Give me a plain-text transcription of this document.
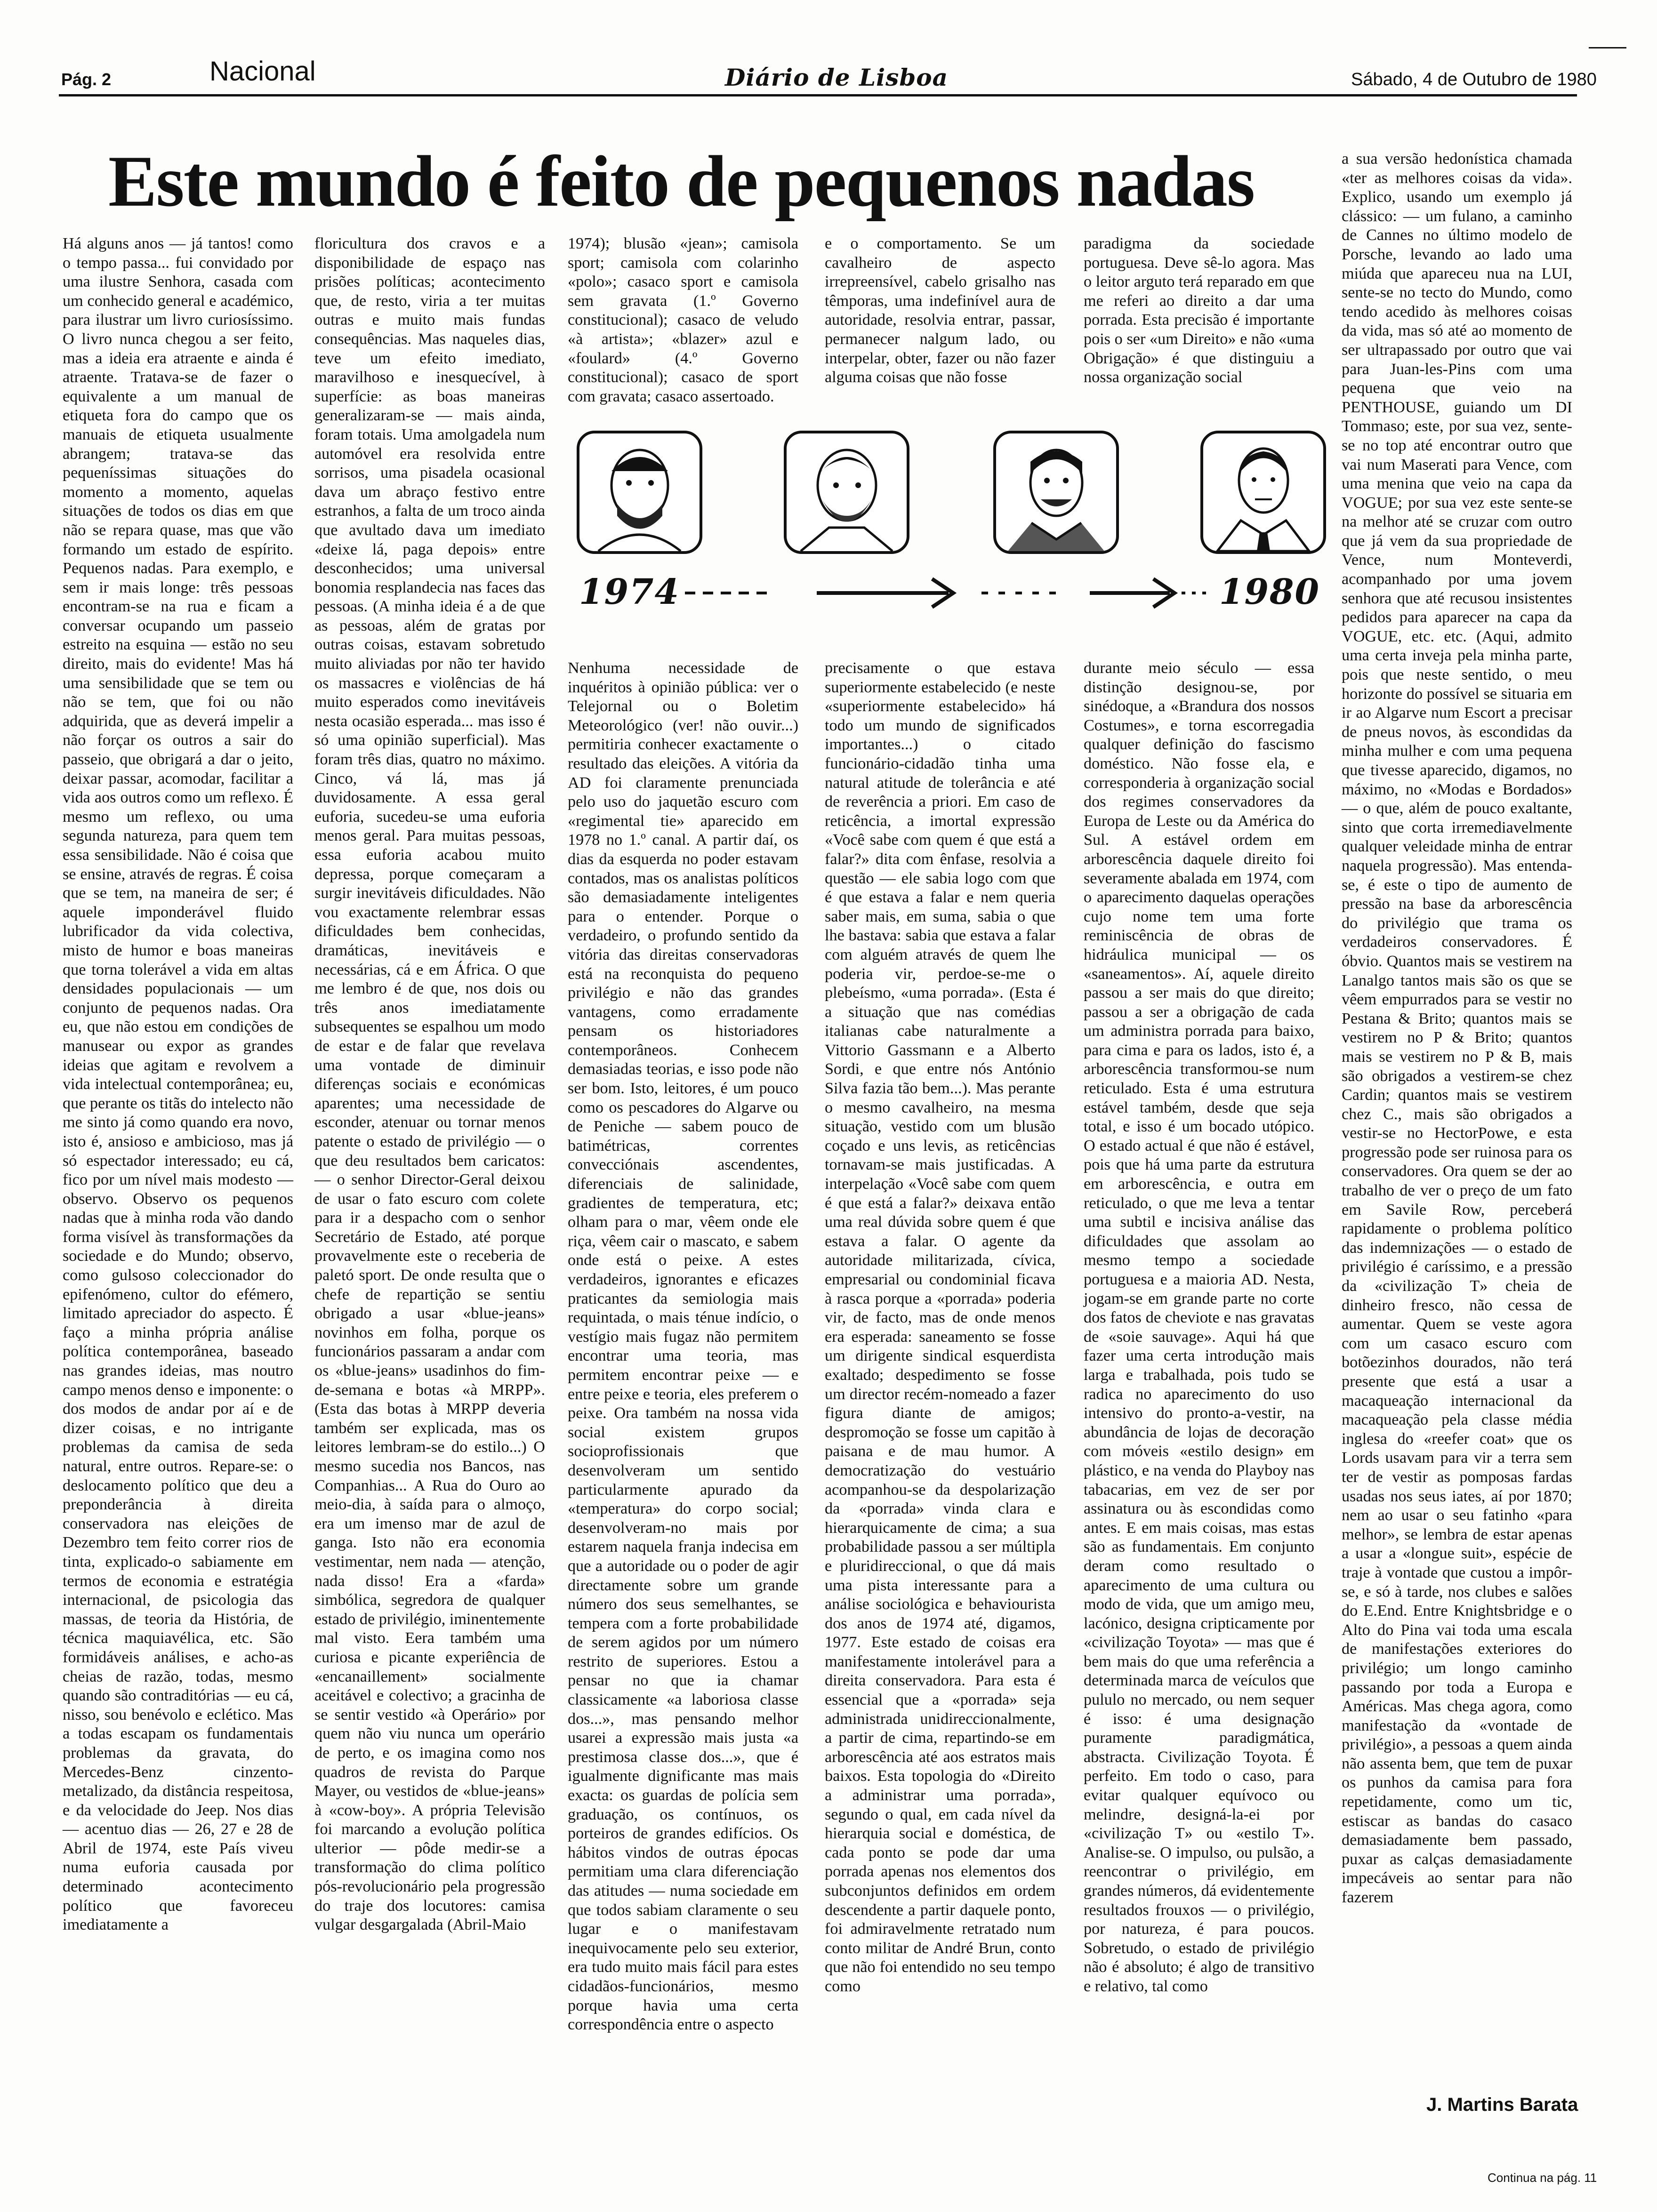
Pág. 2	Nacional	Diário de Lisboa	Sábado, 4 de Outubro de 1980
Este mundo é feito de pequenos nadas

Há alguns anos — já tantos! como o tempo passa... fui convidado por uma ilustre Senhora, casada com um conhecido general e académico, para ilustrar um livro curiosíssimo. O livro nunca chegou a ser feito, mas a ideia era atraente e ainda é atraente. Tratava-se de fazer o equivalente a um manual de etiqueta fora do campo que os manuais de etiqueta usualmente abrangem; tratava-se das pequeníssimas situações do momento a momento, aquelas situações de todos os dias em que não se repara quase, mas que vão formando um estado de espírito. Pequenos nadas. Para exemplo, e sem ir mais longe: três pessoas encontram-se na rua e ficam a conversar ocupando um passeio estreito na esquina — estão no seu direito, mais do evidente! Mas há uma sensibilidade que se tem ou não se tem, que foi ou não adquirida, que as deverá impelir a não forçar os outros a sair do passeio, que obrigará a dar o jeito, deixar passar, acomodar, facilitar a vida aos outros como um reflexo. É mesmo um reflexo, ou uma segunda natureza, para quem tem essa sensibilidade. Não é coisa que se ensine, através de regras. É coisa que se tem, na maneira de ser; é aquele imponderável fluido lubrificador da vida colectiva, misto de humor e boas maneiras que torna tolerável a vida em altas densidades populacionais — um conjunto de pequenos nadas. Ora eu, que não estou em condições de manusear ou expor as grandes ideias que agitam e revolvem a vida intelectual contemporânea; eu, que perante os titãs do intelecto não me sinto já como quando era novo, isto é, ansioso e ambicioso, mas já só espectador interessado; eu cá, fico por um nível mais modesto — observo. Observo os pequenos nadas que à minha roda vão dando forma visível às transformações da sociedade e do Mundo; observo, como gulsoso coleccionador do epifenómeno, cultor do efémero, limitado apreciador do aspecto. É faço a minha própria análise política contemporânea, baseado nas grandes ideias, mas noutro campo menos denso e imponente: o dos modos de andar por aí e de dizer coisas, e no intrigante problemas da camisa de seda natural, entre outros. Repare-se: o deslocamento político que deu a preponderância à direita conservadora nas eleições de Dezembro tem feito correr rios de tinta, explicado-o sabiamente em termos de economia e estratégia internacional, de psicologia das massas, de teoria da História, de técnica maquiavélica, etc. São formidáveis análises, e acho-as cheias de razão, todas, mesmo quando são contraditórias — eu cá, nisso, sou benévolo e eclético. Mas a todas escapam os fundamentais problemas da gravata, do Mercedes-Benz cinzento-metalizado, da distância respeitosa, e da velocidade do Jeep. Nos dias — acentuo dias — 26, 27 e 28 de Abril de 1974, este País viveu numa euforia causada por determinado acontecimento político que favoreceu imediatamente a

floricultura dos cravos e a disponibilidade de espaço nas prisões políticas; acontecimento que, de resto, viria a ter muitas outras e muito mais fundas consequências. Mas naqueles dias, teve um efeito imediato, maravilhoso e inesquecível, à superfície: as boas maneiras generalizaram-se — mais ainda, foram totais. Uma amolgadela num automóvel era resolvida entre sorrisos, uma pisadela ocasional dava um abraço festivo entre estranhos, a falta de um troco ainda que avultado dava um imediato «deixe lá, paga depois» entre desconhecidos; uma universal bonomia resplandecia nas faces das pessoas. (A minha ideia é a de que as pessoas, além de gratas por outras coisas, estavam sobretudo muito aliviadas por não ter havido os massacres e violências de há muito esperados como inevitáveis nesta ocasião esperada... mas isso é só uma opinião superficial). Mas foram três dias, quatro no máximo. Cinco, vá lá, mas já duvidosamente. A essa geral euforia, sucedeu-se uma euforia menos geral. Para muitas pessoas, essa euforia acabou muito depressa, porque começaram a surgir inevitáveis dificuldades. Não vou exactamente relembrar essas dificuldades bem conhecidas, dramáticas, inevitáveis e necessárias, cá e em África. O que me lembro é de que, nos dois ou três anos imediatamente subsequentes se espalhou um modo de estar e de falar que revelava uma vontade de diminuir diferenças sociais e económicas aparentes; uma necessidade de esconder, atenuar ou tornar menos patente o estado de privilégio — o que deu resultados bem caricatos: — o senhor Director-Geral deixou de usar o fato escuro com colete para ir a despacho com o senhor Secretário de Estado, até porque provavelmente este o receberia de paletó sport. De onde resulta que o chefe de repartição se sentiu obrigado a usar «blue-jeans» novinhos em folha, porque os funcionários passaram a andar com os «blue-jeans» usadinhos do fim-de-semana e botas «à MRPP». (Esta das botas à MRPP deveria também ser explicada, mas os leitores lembram-se do estilo...) O mesmo sucedia nos Bancos, nas Companhias... A Rua do Ouro ao meio-dia, à saída para o almoço, era um imenso mar de azul de ganga. Isto não era economia vestimentar, nem nada — atenção, nada disso! Era a «farda» simbólica, segredora de qualquer estado de privilégio, iminentemente mal visto. Eera também uma curiosa e picante experiência de «encanaillement» socialmente aceitável e colectivo; a gracinha de se sentir vestido «à Operário» por quem não viu nunca um operário de perto, e os imagina como nos quadros de revista do Parque Mayer, ou vestidos de «blue-jeans» à «cow-boy». A própria Televisão foi marcando a evolução política ulterior — pôde medir-se a transformação do clima político pós-revolucionário pela progressão do traje dos locutores: camisa vulgar desgargalada (Abril-Maio

1974); blusão «jean»; camisola sport; camisola com colarinho «polo»; casaco sport e camisola sem gravata (1.º Governo constitucional); casaco de veludo «à artista»; «blazer» azul e «foulard» (4.º Governo constitucional); casaco de sport com gravata; casaco assertoado.

e o comportamento. Se um cavalheiro de aspecto irrepreensível, cabelo grisalho nas têmporas, uma indefinível aura de autoridade, resolvia entrar, passar, permanecer nalgum lado, ou interpelar, obter, fazer ou não fazer alguma coisas que não fosse

paradigma da sociedade portuguesa. Deve sê-lo agora. Mas o leitor arguto terá reparado em que me referi ao direito a dar uma porrada. Esta precisão é importante pois o ser «um Direito» e não «uma Obrigação» é que distinguiu a nossa organização social

1974	1980

Nenhuma necessidade de inquéritos à opinião pública: ver o Telejornal ou o Boletim Meteorológico (ver! não ouvir...) permitiria conhecer exactamente o resultado das eleições. A vitória da AD foi claramente prenunciada pelo uso do jaquetão escuro com «regimental tie» aparecido em 1978 no 1.º canal. A partir daí, os dias da esquerda no poder estavam contados, mas os analistas políticos são demasiadamente inteligentes para o entender. Porque o verdadeiro, o profundo sentido da vitória das direitas conservadoras está na reconquista do pequeno privilégio e não das grandes vantagens, como erradamente pensam os historiadores contemporâneos. Conhecem demasiadas teorias, e isso pode não ser bom. Isto, leitores, é um pouco como os pescadores do Algarve ou de Peniche — sabem pouco de batimétricas, correntes convecciónais ascendentes, diferenciais de salinidade, gradientes de temperatura, etc; olham para o mar, vêem onde ele riça, vêem cair o mascato, e sabem onde está o peixe. A estes verdadeiros, ignorantes e eficazes praticantes da semiologia mais requintada, o mais ténue indício, o vestígio mais fugaz não permitem encontrar uma teoria, mas permitem encontrar peixe — e entre peixe e teoria, eles preferem o peixe. Ora também na nossa vida social existem grupos socioprofissionais que desenvolveram um sentido particularmente apurado da «temperatura» do corpo social; desenvolveram-no mais por estarem naquela franja indecisa em que a autoridade ou o poder de agir directamente sobre um grande número dos seus semelhantes, se tempera com a forte probabilidade de serem agidos por um número restrito de superiores. Estou a pensar no que ia chamar classicamente «a laboriosa classe dos...», mas pensando melhor usarei a expressão mais justa «a prestimosa classe dos...», que é igualmente dignificante mas mais exacta: os guardas de polícia sem graduação, os contínuos, os porteiros de grandes edifícios. Os hábitos vindos de outras épocas permitiam uma clara diferenciação das atitudes — numa sociedade em que todos sabiam claramente o seu lugar e o manifestavam inequivocamente pelo seu exterior, era tudo muito mais fácil para estes cidadãos-funcionários, mesmo porque havia uma certa correspondência entre o aspecto

precisamente o que estava superiormente estabelecido (e neste «superiormente estabelecido» há todo um mundo de significados importantes...) o citado funcionário-cidadão tinha uma natural atitude de tolerância e até de reverência a priori. Em caso de reticência, a imortal expressão «Você sabe com quem é que está a falar?» dita com ênfase, resolvia a questão — ele sabia logo com que é que estava a falar e nem queria saber mais, em suma, sabia o que lhe bastava: sabia que estava a falar com alguém através de quem lhe poderia vir, perdoe-se-me o plebeísmo, «uma porrada». (Esta é a situação que nas comédias italianas cabe naturalmente a Vittorio Gassmann e a Alberto Sordi, e que entre nós António Silva fazia tão bem...). Mas perante o mesmo cavalheiro, na mesma situação, vestido com um blusão coçado e uns levis, as reticências tornavam-se mais justificadas. A interpelação «Você sabe com quem é que está a falar?» deixava então uma real dúvida sobre quem é que estava a falar. O agente da autoridade militarizada, cívica, empresarial ou condominial ficava à rasca porque a «porrada» poderia vir, de facto, mas de onde menos era esperada: saneamento se fosse um dirigente sindical esquerdista exaltado; despedimento se fosse um director recém-nomeado a fazer figura diante de amigos; despromoção se fosse um capitão à paisana e de mau humor. A democratização do vestuário acompanhou-se da despolarização da «porrada» vinda clara e hierarquicamente de cima; a sua probabilidade passou a ser múltipla e pluridireccional, o que dá mais uma pista interessante para a análise sociológica e behaviourista dos anos de 1974 até, digamos, 1977. Este estado de coisas era manifestamente intolerável para a direita conservadora. Para esta é essencial que a «porrada» seja administrada unidireccionalmente, a partir de cima, repartindo-se em arborescência até aos estratos mais baixos. Esta topologia do «Direito a administrar uma porrada», segundo o qual, em cada nível da hierarquia social e doméstica, de cada ponto se pode dar uma porrada apenas nos elementos dos subconjuntos definidos em ordem descendente a partir daquele ponto, foi admiravelmente retratado num conto militar de André Brun, conto que não foi entendido no seu tempo como

durante meio século — essa distinção designou-se, por sinédoque, a «Brandura dos nossos Costumes», e torna escorregadia qualquer definição do fascismo doméstico. Não fosse ela, e corresponderia à organização social dos regimes conservadores da Europa de Leste ou da América do Sul. A estável ordem em arborescência daquele direito foi severamente abalada em 1974, com o aparecimento daquelas operações cujo nome tem uma forte reminiscência de obras de hidráulica municipal — os «saneamentos». Aí, aquele direito passou a ser mais do que direito; passou a ser a obrigação de cada um administra porrada para baixo, para cima e para os lados, isto é, a arborescência transformou-se num reticulado. Esta é uma estrutura estável também, desde que seja total, e isso é um bocado utópico. O estado actual é que não é estável, pois que há uma parte da estrutura em arborescência, e outra em reticulado, o que me leva a tentar uma subtil e incisiva análise das dificuldades que assolam ao mesmo tempo a sociedade portuguesa e a maioria AD. Nesta, jogam-se em grande parte no corte dos fatos de cheviote e nas gravatas de «soie sauvage». Aqui há que fazer uma certa introdução mais larga e trabalhada, pois tudo se radica no aparecimento do uso intensivo do pronto-a-vestir, na abundância de lojas de decoração com móveis «estilo design» em plástico, e na venda do Playboy nas tabacarias, em vez de ser por assinatura ou às escondidas como antes. E em mais coisas, mas estas são as fundamentais. Em conjunto deram como resultado o aparecimento de uma cultura ou modo de vida, que um amigo meu, lacónico, designa cripticamente por «civilização Toyota» — mas que é bem mais do que uma referência a determinada marca de veículos que pululo no mercado, ou nem sequer é isso: é uma designação puramente paradigmática, abstracta. Civilização Toyota. É perfeito. Em todo o caso, para evitar qualquer equívoco ou melindre, designá-la-ei por «civilização T» ou «estilo T». Analise-se. O impulso, ou pulsão, a reencontrar o privilégio, em grandes números, dá evidentemente resultados frouxos — o privilégio, por natureza, é para poucos. Sobretudo, o estado de privilégio não é absoluto; é algo de transitivo e relativo, tal como

a sua versão hedonística chamada «ter as melhores coisas da vida». Explico, usando um exemplo já clássico: — um fulano, a caminho de Cannes no último modelo de Porsche, levando ao lado uma miúda que apareceu nua na LUI, sente-se no tecto do Mundo, como tendo acedido às melhores coisas da vida, mas só até ao momento de ser ultrapassado por outro que vai para Juan-les-Pins com uma pequena que veio na PENTHOUSE, guiando um DI Tommaso; este, por sua vez, sente-se no top até encontrar outro que vai num Maserati para Vence, com uma menina que veio na capa da VOGUE; por sua vez este sente-se na melhor até se cruzar com outro que já vem da sua propriedade de Vence, num Monteverdi, acompanhado por uma jovem senhora que até recusou insistentes pedidos para aparecer na capa da VOGUE, etc. etc. (Aqui, admito uma certa inveja pela minha parte, pois que neste sentido, o meu horizonte do possível se situaria em ir ao Algarve num Escort a precisar de pneus novos, às escondidas da minha mulher e com uma pequena que tivesse aparecido, digamos, no máximo, no «Modas e Bordados» — o que, além de pouco exaltante, sinto que corta irremediavelmente qualquer veleidade minha de entrar naquela progressão). Mas entenda-se, é este o tipo de aumento de pressão na base da arborescência do privilégio que trama os verdadeiros conservadores. É óbvio. Quantos mais se vestirem na Lanalgo tantos mais são os que se vêem empurrados para se vestir no Pestana & Brito; quantos mais se vestirem no P & Brito; quantos mais se vestirem no P & B, mais são obrigados a vestirem-se chez Cardin; quantos mais se vestirem chez C., mais são obrigados a vestir-se no HectorPowe, e esta progressão pode ser ruinosa para os conservadores. Ora quem se der ao trabalho de ver o preço de um fato em Savile Row, perceberá rapidamente o problema político das indemnizações — o estado de privilégio é caríssimo, e a pressão da «civilização T» cheia de dinheiro fresco, não cessa de aumentar. Quem se veste agora com um casaco escuro com botõezinhos dourados, não terá presente que está a usar a macaqueação internacional da macaqueação pela classe média inglesa do «reefer coat» que os Lords usavam para vir a terra sem ter de vestir as pomposas fardas usadas nos seus iates, aí por 1870; nem ao usar o seu fatinho «para melhor», se lembra de estar apenas a usar a «longue suit», espécie de traje à vontade que custou a impôr-se, e só à tarde, nos clubes e salões do E.End. Entre Knightsbridge e o Alto do Pina vai toda uma escala de manifestações exteriores do privilégio; um longo caminho passando por toda a Europa e Américas. Mas chega agora, como manifestação da «vontade de privilégio», a pessoas a quem ainda não assenta bem, que tem de puxar os punhos da camisa para fora repetidamente, como um tic, estiscar as bandas do casaco demasiadamente bem passado, puxar as calças demasiadamente impecáveis ao sentar para não fazerem

J. Martins Barata
Continua na pág. 11
